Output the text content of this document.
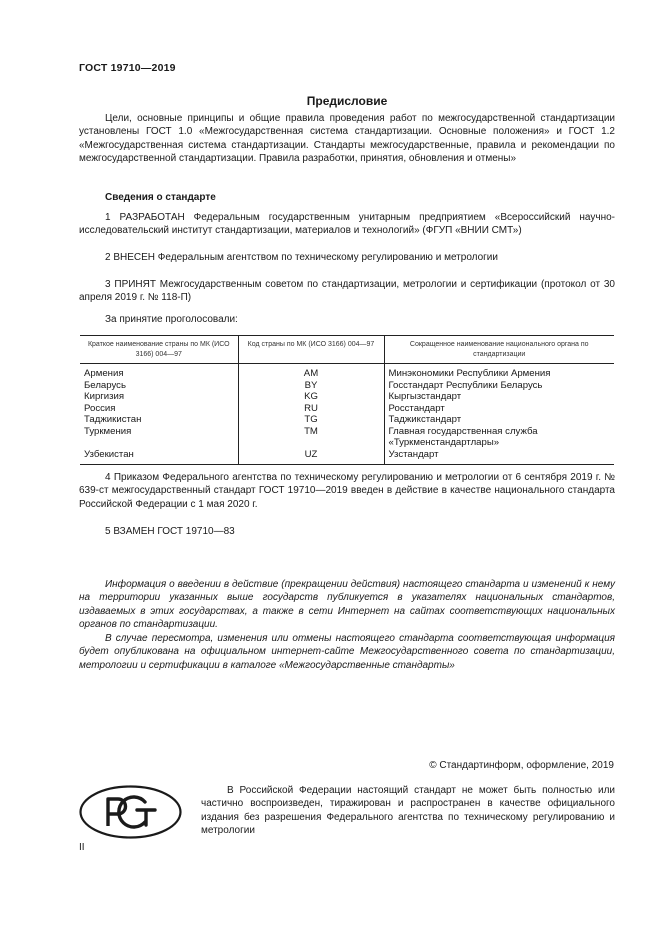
ГОСТ 19710—2019
Предисловие

Цели, основные принципы и общие правила проведения работ по межгосударственной стандартизации установлены ГОСТ 1.0 «Межгосударственная система стандартизации. Основные положения» и ГОСТ 1.2 «Межгосударственная система стандартизации. Стандарты межгосударственные, правила и рекомендации по межгосударственной стандартизации. Правила разработки, принятия, обновления и отмены»

Сведения о стандарте

1 РАЗРАБОТАН Федеральным государственным унитарным предприятием «Всероссийский научно-исследовательский институт стандартизации, материалов и технологий» (ФГУП «ВНИИ СМТ»)

2 ВНЕСЕН Федеральным агентством по техническому регулированию и метрологии

3 ПРИНЯТ Межгосударственным советом по стандартизации, метрологии и сертификации (протокол от 30 апреля 2019 г. № 118-П)

За принятие проголосовали:

Краткое наименование страны по МК (ИСО 3166) 004—97	Код страны по МК (ИСО 3166) 004—97	Сокращенное наименование национального органа по стандартизации
Армения	AM	Минэкономики Республики Армения
Беларусь	BY	Госстандарт Республики Беларусь
Киргизия	KG	Кыргызстандарт
Россия	RU	Росстандарт
Таджикистан	TG	Таджикстандарт
Туркмения	TM	Главная государственная служба «Туркменстандартлары»
Узбекистан	UZ	Узстандарт

4 Приказом Федерального агентства по техническому регулированию и метрологии от 6 сентября 2019 г. № 639-ст межгосударственный стандарт ГОСТ 19710—2019 введен в действие в качестве национального стандарта Российской Федерации с 1 мая 2020 г.

5 ВЗАМЕН ГОСТ 19710—83

Информация о введении в действие (прекращении действия) настоящего стандарта и изменений к нему на территории указанных выше государств публикуется в указателях национальных стандартов, издаваемых в этих государствах, а также в сети Интернет на сайтах соответствующих национальных органов по стандартизации.

В случае пересмотра, изменения или отмены настоящего стандарта соответствующая информация будет опубликована на официальном интернет-сайте Межгосударственного совета по стандартизации, метрологии и сертификации в каталоге «Межгосударственные стандарты»

© Стандартинформ, оформление, 2019

В Российской Федерации настоящий стандарт не может быть полностью или частично воспроизведен, тиражирован и распространен в качестве официального издания без разрешения Федерального агентства по техническому регулированию и метрологии

II
